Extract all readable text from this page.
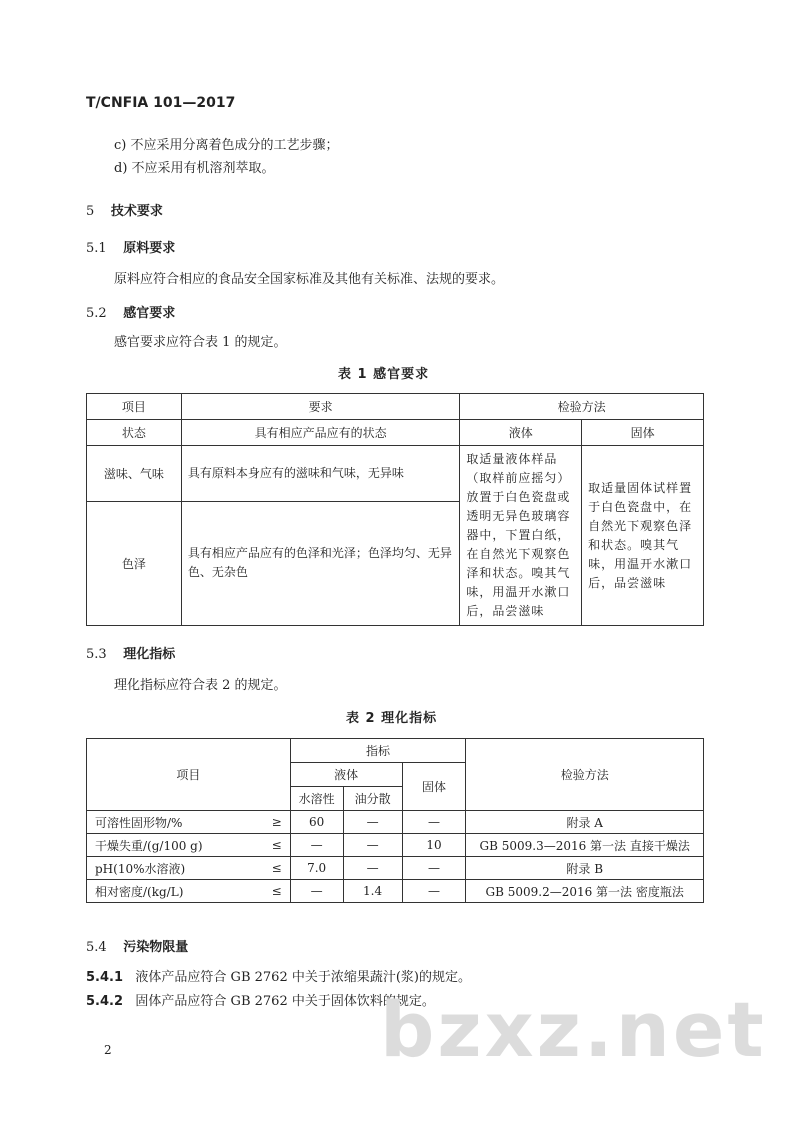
T/CNFIA 101—2017
c) 不应采用分离着色成分的工艺步骤；
d) 不应采用有机溶剂萃取。
5 技术要求
5.1 原料要求
原料应符合相应的食品安全国家标准及其他有关标准、法规的要求。
5.2 感官要求
感官要求应符合表 1 的规定。
表 1 感官要求
项目	要求	检验方法	
状态	具有相应产品应有的状态	液体	固体
滋味、气味	具有原料本身应有的滋味和气味，无异味	取适量液体样品（取样前应摇匀）放置于白色瓷盘或透明无异色玻璃容器中，下置白纸，在自然光下观察色泽和状态。嗅其气味，用温开水漱口后，品尝滋味	取适量固体试样置于白色瓷盘中，在自然光下观察色泽和状态。嗅其气味，用温开水漱口后，品尝滋味
色泽	具有相应产品应有的色泽和光泽；色泽均匀、无异色、无杂色		
5.3 理化指标
理化指标应符合表 2 的规定。
表 2 理化指标
项目		指标			检验方法
		液体		固体	
		水溶性	油分散		
可溶性固形物/%	≥	60	—	—	附录 A
干燥失重/(g/100 g)	≤	—	—	10	GB 5009.3—2016 第一法 直接干燥法
pH(10%水溶液)	≤	7.0	—	—	附录 B
相对密度/(kg/L)	≤	—	1.4	—	GB 5009.2—2016 第一法 密度瓶法
5.4 污染物限量
5.4.1 液体产品应符合 GB 2762 中关于浓缩果蔬汁(浆)的规定。
5.4.2 固体产品应符合 GB 2762 中关于固体饮料的规定。
bzxz.net
2
